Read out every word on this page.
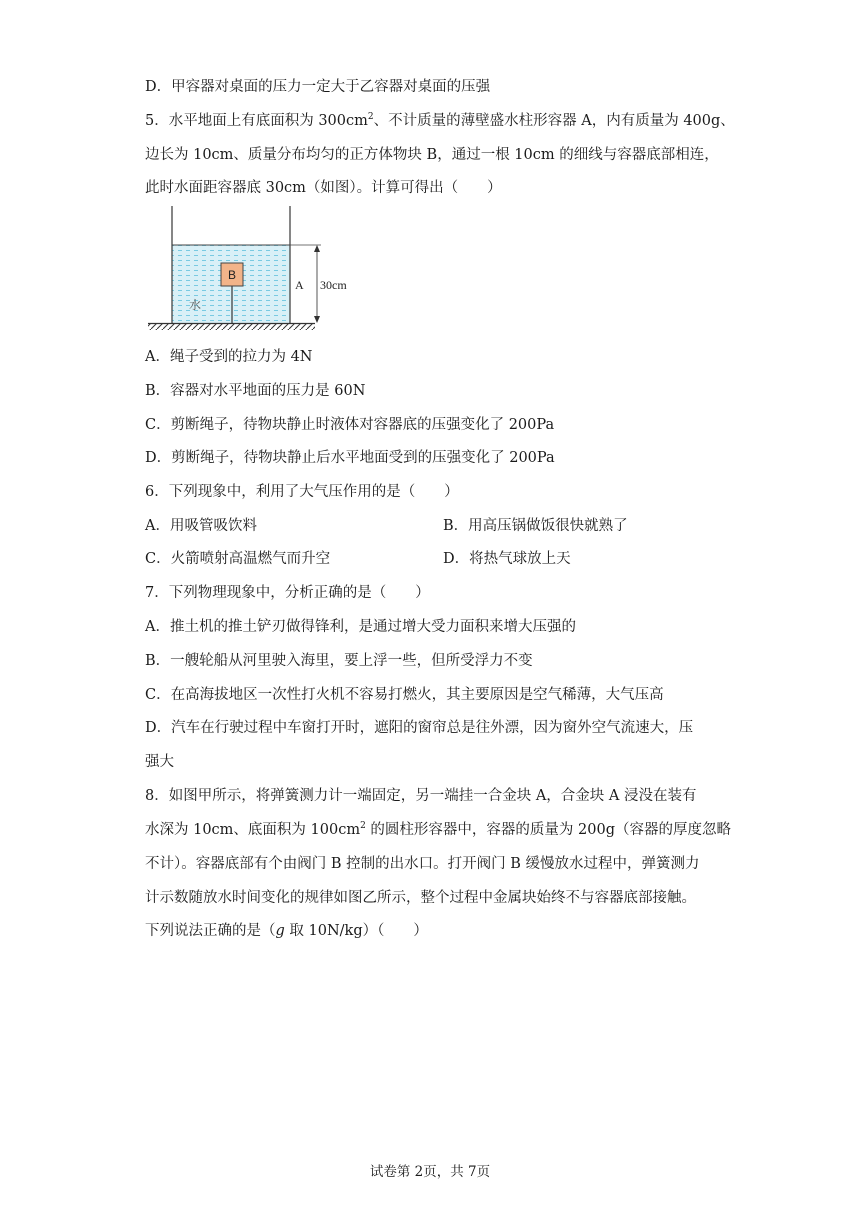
D．甲容器对桌面的压力一定大于乙容器对桌面的压强
5．水平地面上有底面积为 $300cm^2$、不计质量的薄壁盛水柱形容器 A，内有质量为 400g、
边长为 10cm、质量分布均匀的正方体物块 B，通过一根 10cm 的细线与容器底部相连，
此时水面距容器底 30cm（如图）。计算可得出（　　）
B
水
A 30cm
A．绳子受到的拉力为 4N
B．容器对水平地面的压力是 60N
C．剪断绳子，待物块静止时液体对容器底的压强变化了 200Pa
D．剪断绳子，待物块静止后水平地面受到的压强变化了 200Pa
6．下列现象中，利用了大气压作用的是（　　）
A．用吸管吸饮料	B．用高压锅做饭很快就熟了
C．火箭喷射高温燃气而升空	D．将热气球放上天
7．下列物理现象中，分析正确的是（　　）
A．推土机的推土铲刃做得锋利，是通过增大受力面积来增大压强的
B．一艘轮船从河里驶入海里，要上浮一些，但所受浮力不变
C．在高海拔地区一次性打火机不容易打燃火，其主要原因是空气稀薄，大气压高
D．汽车在行驶过程中车窗打开时，遮阳的窗帘总是往外漂，因为窗外空气流速大，压
强大
8．如图甲所示，将弹簧测力计一端固定，另一端挂一合金块 A，合金块 A 浸没在装有
水深为 10cm、底面积为 $100cm^2$ 的圆柱形容器中，容器的质量为 200g（容器的厚度忽略
不计）。容器底部有个由阀门 B 控制的出水口。打开阀门 B 缓慢放水过程中，弹簧测力
计示数随放水时间变化的规律如图乙所示，整个过程中金属块始终不与容器底部接触。
下列说法正确的是（g 取 10N/kg）（　　）
试卷第 2页，共 7页
